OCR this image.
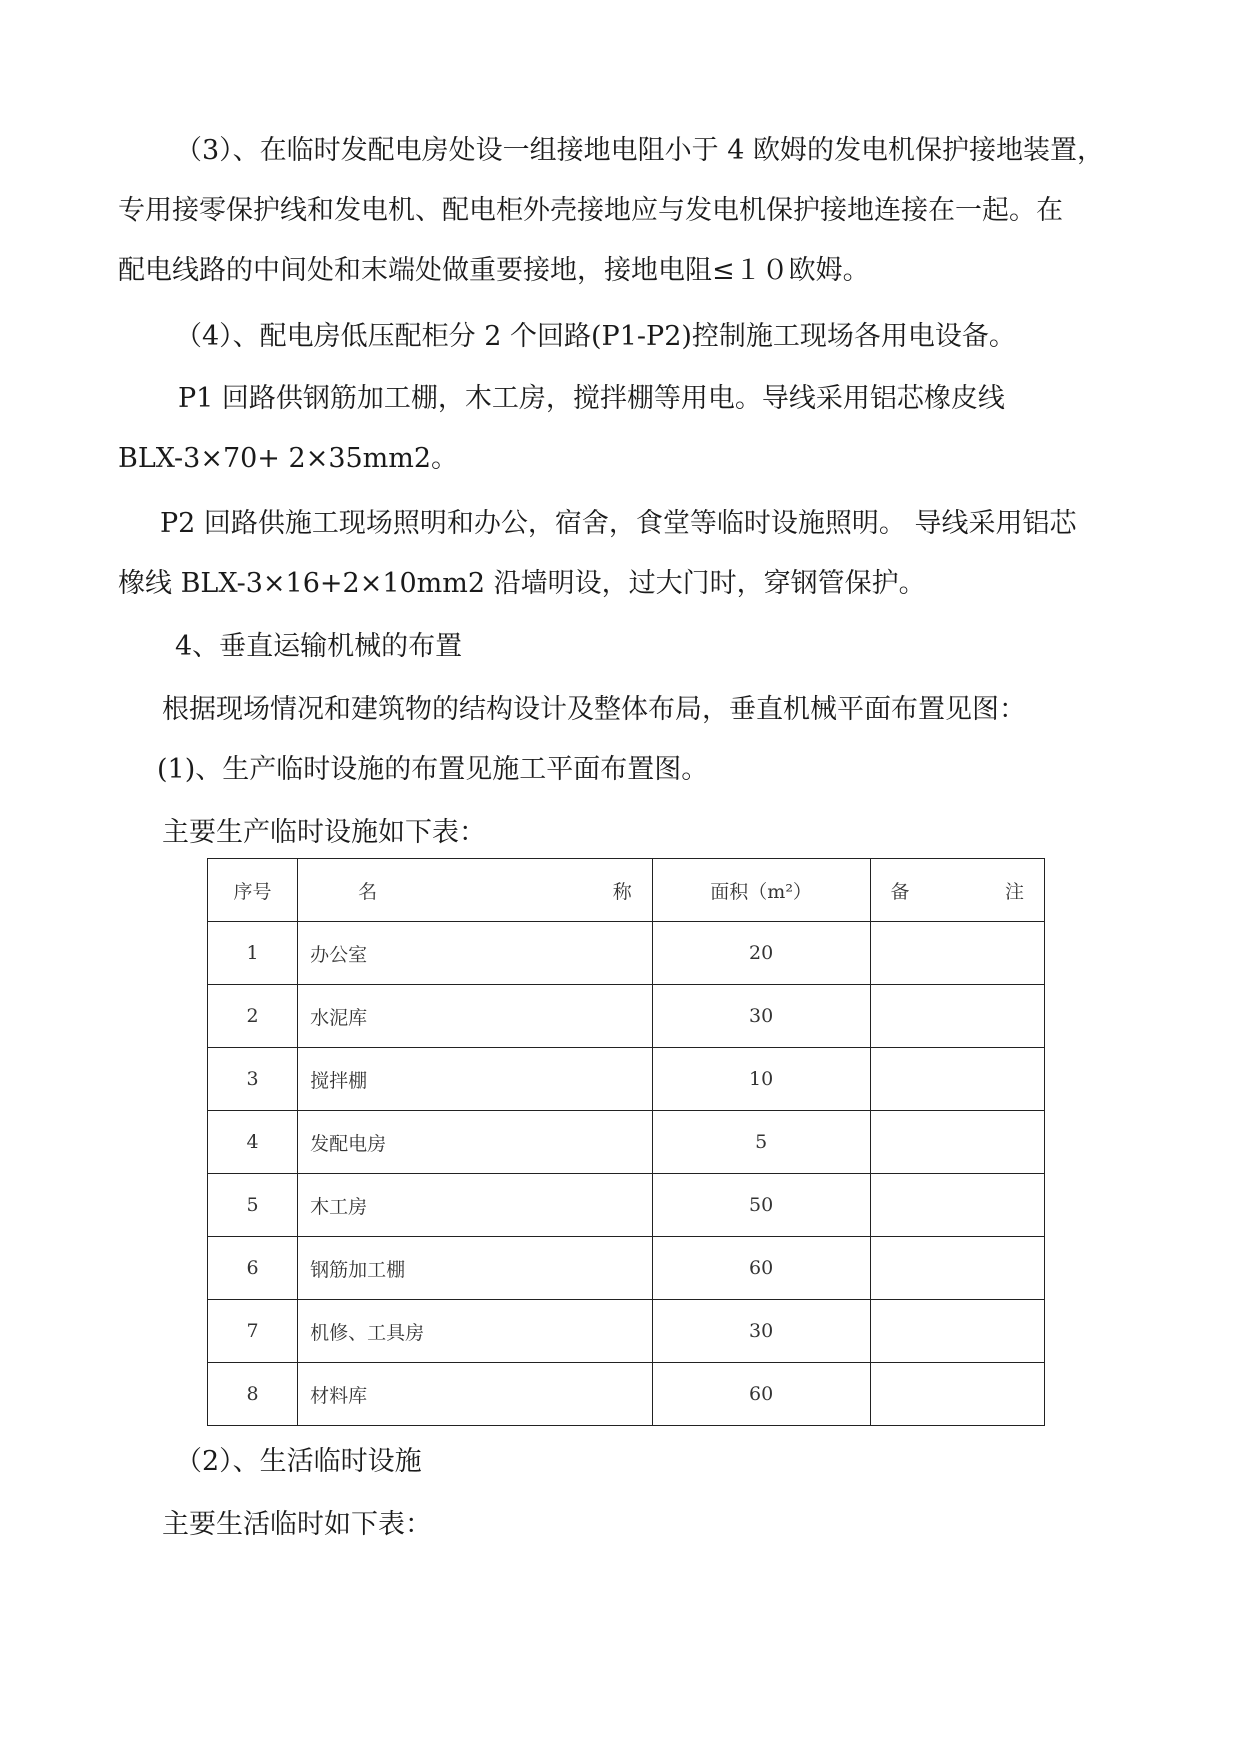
（3）、在临时发配电房处设一组接地电阻小于 4 欧姆的发电机保护接地装置，
专用接零保护线和发电机、配电柜外壳接地应与发电机保护接地连接在一起。在
配电线路的中间处和末端处做重要接地，接地电阻≤１０欧姆。

（4）、配电房低压配柜分 2 个回路(P1-P2)控制施工现场各用电设备。

P1 回路供钢筋加工棚，木工房，搅拌棚等用电。导线采用铝芯橡皮线
BLX-3×70+ 2×35mm2。
P2 回路供施工现场照明和办公，宿舍，食堂等临时设施照明。 导线采用铝芯
橡线 BLX-3×16+2×10mm2 沿墙明设，过大门时，穿钢管保护。

4、垂直运输机械的布置

根据现场情况和建筑物的结构设计及整体布局，垂直机械平面布置见图：

(1)、生产临时设施的布置见施工平面布置图。

主要生产临时设施如下表：

序号	名 称	面积（m²）	备 注

1	办公室	20	
2	水泥库	30	
3	搅拌棚	10	
4	发配电房	5	
5	木工房	50	
6	钢筋加工棚	60	
7	机修、工具房	30	
8	材料库	60	

（2）、生活临时设施

主要生活临时如下表：
